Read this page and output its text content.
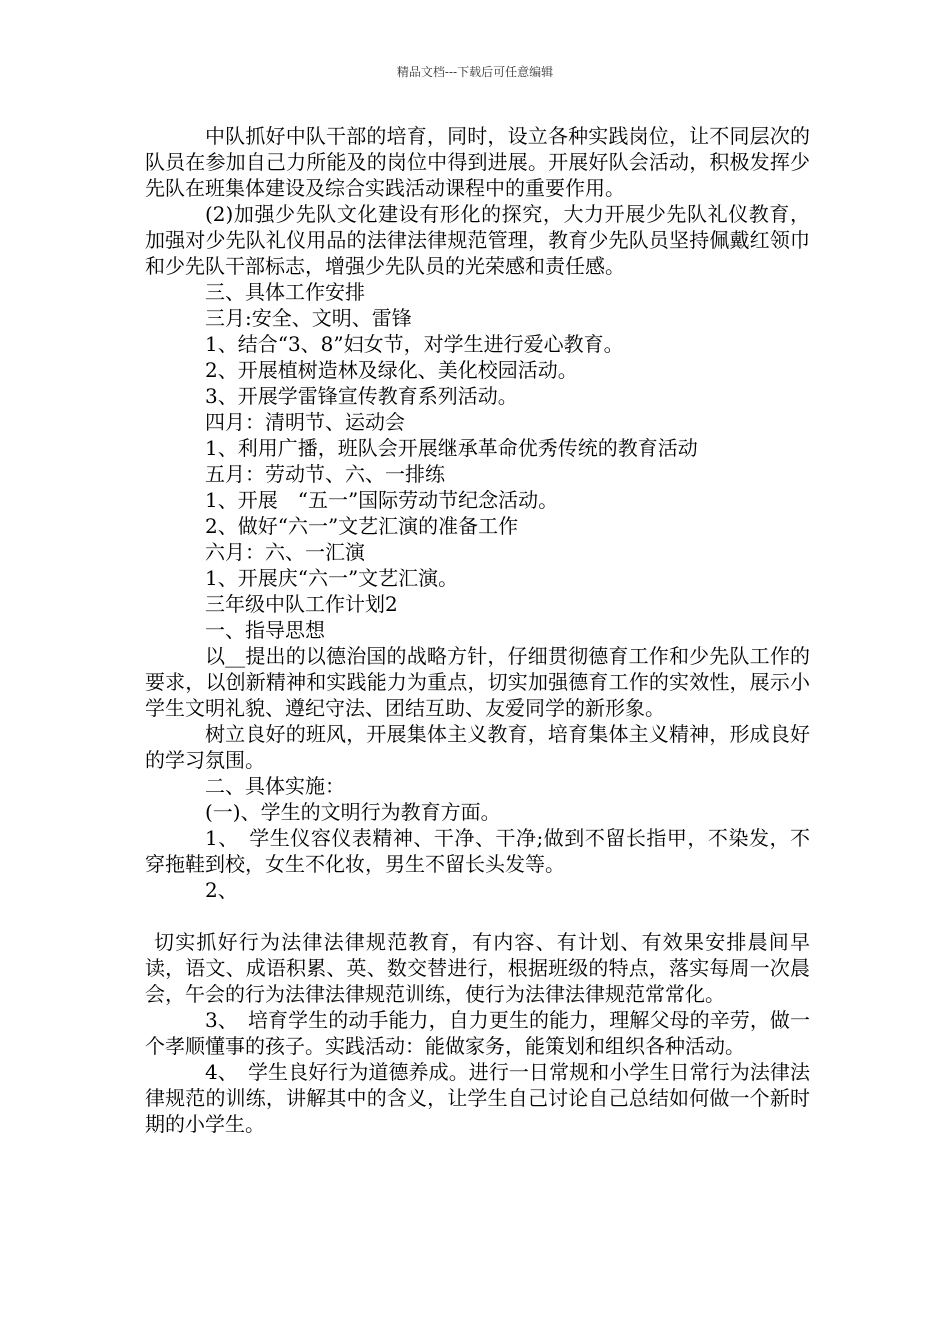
精品文档---下载后可任意编辑

中队抓好中队干部的培育，同时，设立各种实践岗位，让不同层次的队员在参加自己力所能及的岗位中得到进展。开展好队会活动，积极发挥少先队在班集体建设及综合实践活动课程中的重要作用。

(2)加强少先队文化建设有形化的探究，大力开展少先队礼仪教育，加强对少先队礼仪用品的法律法律规范管理，教育少先队员坚持佩戴红领巾和少先队干部标志，增强少先队员的光荣感和责任感。

三、具体工作安排

三月:安全、文明、雷锋

1、结合“3、8”妇女节，对学生进行爱心教育。

2、开展植树造林及绿化、美化校园活动。

3、开展学雷锋宣传教育系列活动。

四月：清明节、运动会

1、利用广播，班队会开展继承革命优秀传统的教育活动

五月：劳动节、六、一排练

1、开展　“五一”国际劳动节纪念活动。

2、做好“六一”文艺汇演的准备工作

六月：六、一汇演

1、开展庆“六一”文艺汇演。

三年级中队工作计划2

一、指导思想

以__提出的以德治国的战略方针，仔细贯彻德育工作和少先队工作的要求，以创新精神和实践能力为重点，切实加强德育工作的实效性，展示小学生文明礼貌、遵纪守法、团结互助、友爱同学的新形象。

树立良好的班风，开展集体主义教育，培育集体主义精神，形成良好的学习氛围。

二、具体实施：

(一)、学生的文明行为教育方面。

1、　学生仪容仪表精神、干净、干净;做到不留长指甲，不染发，不穿拖鞋到校，女生不化妆，男生不留长头发等。

2、

切实抓好行为法律法律规范教育，有内容、有计划、有效果安排晨间早读，语文、成语积累、英、数交替进行，根据班级的特点，落实每周一次晨会，午会的行为法律法律规范训练，使行为法律法律规范常常化。

3、　培育学生的动手能力，自力更生的能力，理解父母的辛劳，做一个孝顺懂事的孩子。实践活动：能做家务，能策划和组织各种活动。

4、　学生良好行为道德养成。进行一日常规和小学生日常行为法律法律规范的训练，讲解其中的含义，让学生自己讨论自己总结如何做一个新时期的小学生。
